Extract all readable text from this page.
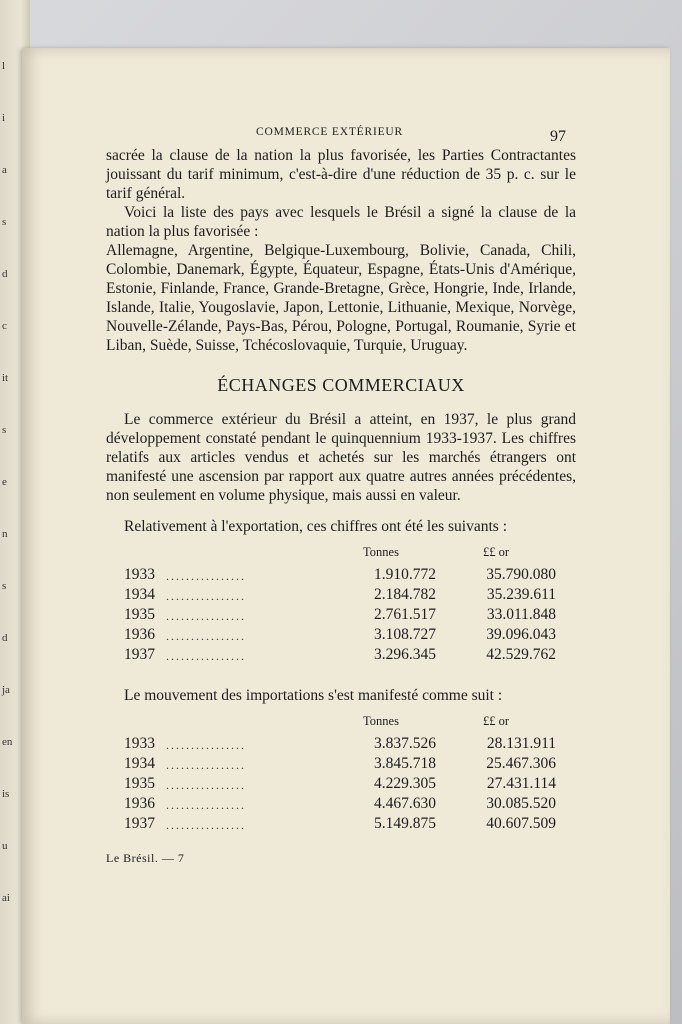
l
i
a
s
d
c
it
s
e
n
s
d
ja
en
is
u
ai
COMMERCE EXTÉRIEUR	97

sacrée la clause de la nation la plus favorisée, les Parties Contractantes jouissant du tarif minimum, c'est-à-dire d'une réduction de 35 p. c. sur le tarif général.

Voici la liste des pays avec lesquels le Brésil a signé la clause de la nation la plus favorisée :

Allemagne, Argentine, Belgique-Luxembourg, Bolivie, Canada, Chili, Colombie, Danemark, Égypte, Équateur, Espagne, États-Unis d'Amérique, Estonie, Finlande, France, Grande-Bretagne, Grèce, Hongrie, Inde, Irlande, Islande, Italie, Yougoslavie, Japon, Lettonie, Lithuanie, Mexique, Norvège, Nouvelle-Zélande, Pays-Bas, Pérou, Pologne, Portugal, Roumanie, Syrie et Liban, Suède, Suisse, Tchécoslovaquie, Turquie, Uruguay.

ÉCHANGES COMMERCIAUX

Le commerce extérieur du Brésil a atteint, en 1937, le plus grand développement constaté pendant le quinquennium 1933-1937. Les chiffres relatifs aux articles vendus et achetés sur les marchés étrangers ont manifesté une ascension par rapport aux quatre autres années précédentes, non seulement en volume physique, mais aussi en valeur.

Relativement à l'exportation, ces chiffres ont été les suivants :

		Tonnes	££ or
1933	................	1.910.772	35.790.080
1934	................	2.184.782	35.239.611
1935	................	2.761.517	33.011.848
1936	................	3.108.727	39.096.043
1937	................	3.296.345	42.529.762

Le mouvement des importations s'est manifesté comme suit :

		Tonnes	££ or
1933	................	3.837.526	28.131.911
1934	................	3.845.718	25.467.306
1935	................	4.229.305	27.431.114
1936	................	4.467.630	30.085.520
1937	................	5.149.875	40.607.509
Le Brésil. — 7
